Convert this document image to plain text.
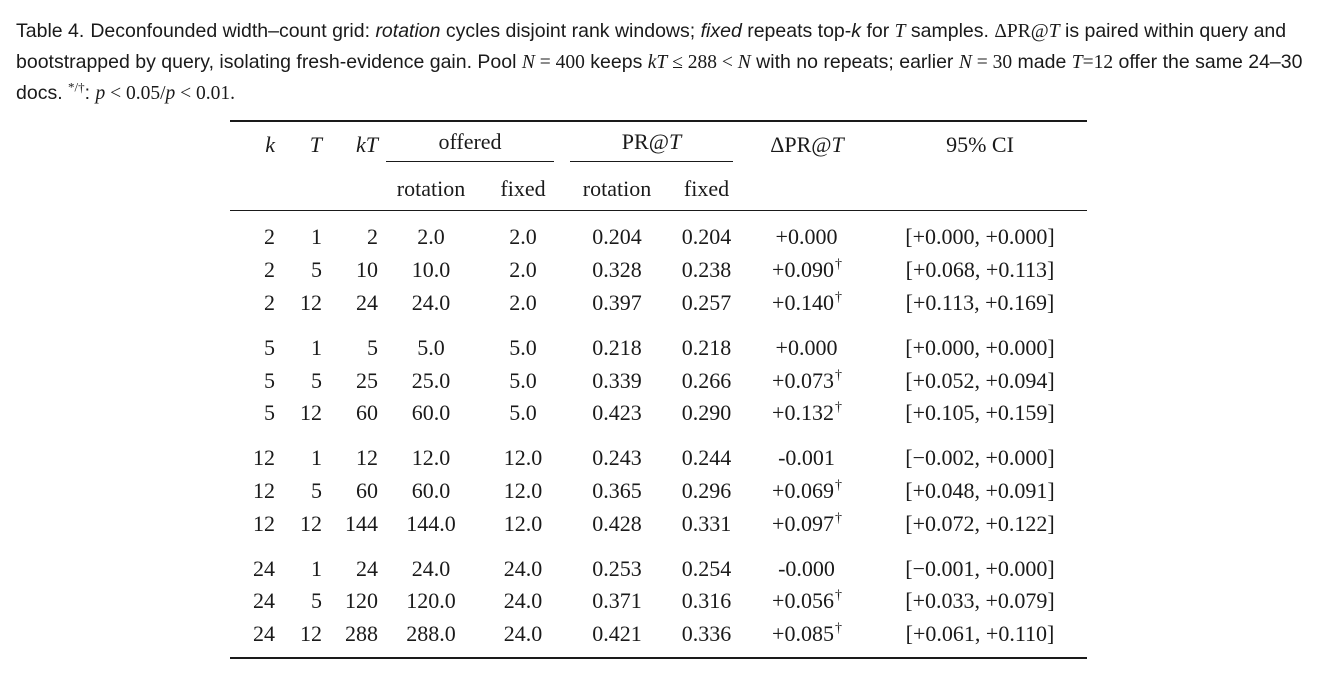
Table 4. Deconfounded width–count grid: rotation cycles disjoint rank windows; fixed repeats top-k for T samples. ΔPR@T is paired within query and bootstrapped by query, isolating fresh-evidence gain. Pool N = 400 keeps kT ≤ 288 < N with no repeats; earlier N = 30 made T=12 offer the same 24–30 docs. */†: p < 0.05/p < 0.01.
k	T	kT	offered		PR@T		ΔPR@T	95% CI
			rotation	fixed	rotation	fixed		
2	1	2	2.0	2.0	0.204	0.204	+0.000	[+0.000, +0.000]
2	5	10	10.0	2.0	0.328	0.238	+0.090†	[+0.068, +0.113]
2	12	24	24.0	2.0	0.397	0.257	+0.140†	[+0.113, +0.169]

5	1	5	5.0	5.0	0.218	0.218	+0.000	[+0.000, +0.000]
5	5	25	25.0	5.0	0.339	0.266	+0.073†	[+0.052, +0.094]
5	12	60	60.0	5.0	0.423	0.290	+0.132†	[+0.105, +0.159]

12	1	12	12.0	12.0	0.243	0.244	-0.001	[−0.002, +0.000]
12	5	60	60.0	12.0	0.365	0.296	+0.069†	[+0.048, +0.091]
12	12	144	144.0	12.0	0.428	0.331	+0.097†	[+0.072, +0.122]

24	1	24	24.0	24.0	0.253	0.254	-0.000	[−0.001, +0.000]
24	5	120	120.0	24.0	0.371	0.316	+0.056†	[+0.033, +0.079]
24	12	288	288.0	24.0	0.421	0.336	+0.085†	[+0.061, +0.110]
